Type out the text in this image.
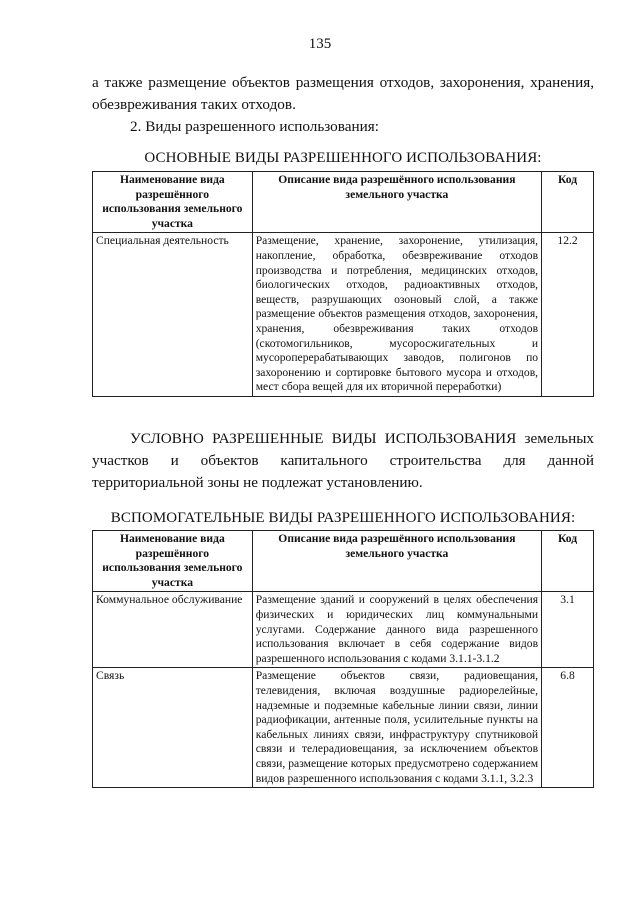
135
а также размещение объектов размещения отходов, захоронения, хранения, обезвреживания таких отходов.
2. Виды разрешенного использования:
ОСНОВНЫЕ ВИДЫ РАЗРЕШЕННОГО ИСПОЛЬЗОВАНИЯ:
Наименование вида разрешённого использования земельного участка	Описание вида разрешённого использования земельного участка	Код
Специальная деятельность	Размещение, хранение, захоронение, утилизация, накопление, обработка, обезвреживание отходов производства и потребления, медицинских отходов, биологических отходов, радиоактивных отходов, веществ, разрушающих озоновый слой, а также размещение объектов размещения отходов, захоронения, хранения, обезвреживания таких отходов (скотомогильников, мусоросжигательных и мусороперерабатывающих заводов, полигонов по захоронению и сортировке бытового мусора и отходов, мест сбора вещей для их вторичной переработки)	12.2
УСЛОВНО РАЗРЕШЕННЫЕ ВИДЫ ИСПОЛЬЗОВАНИЯ земельных участков и объектов капитального строительства для данной территориальной зоны не подлежат установлению.
ВСПОМОГАТЕЛЬНЫЕ ВИДЫ РАЗРЕШЕННОГО ИСПОЛЬЗОВАНИЯ:
Наименование вида разрешённого использования земельного участка	Описание вида разрешённого использования земельного участка	Код
Коммунальное обслуживание	Размещение зданий и сооружений в целях обеспечения физических и юридических лиц коммунальными услугами. Содержание данного вида разрешенного использования включает в себя содержание видов разрешенного использования с кодами 3.1.1-3.1.2	3.1
Связь	Размещение объектов связи, радиовещания, телевидения, включая воздушные радиорелейные, надземные и подземные кабельные линии связи, линии радиофикации, антенные поля, усилительные пункты на кабельных линиях связи, инфраструктуру спутниковой связи и телерадиовещания, за исключением объектов связи, размещение которых предусмотрено содержанием видов разрешенного использования с кодами 3.1.1, 3.2.3	6.8
